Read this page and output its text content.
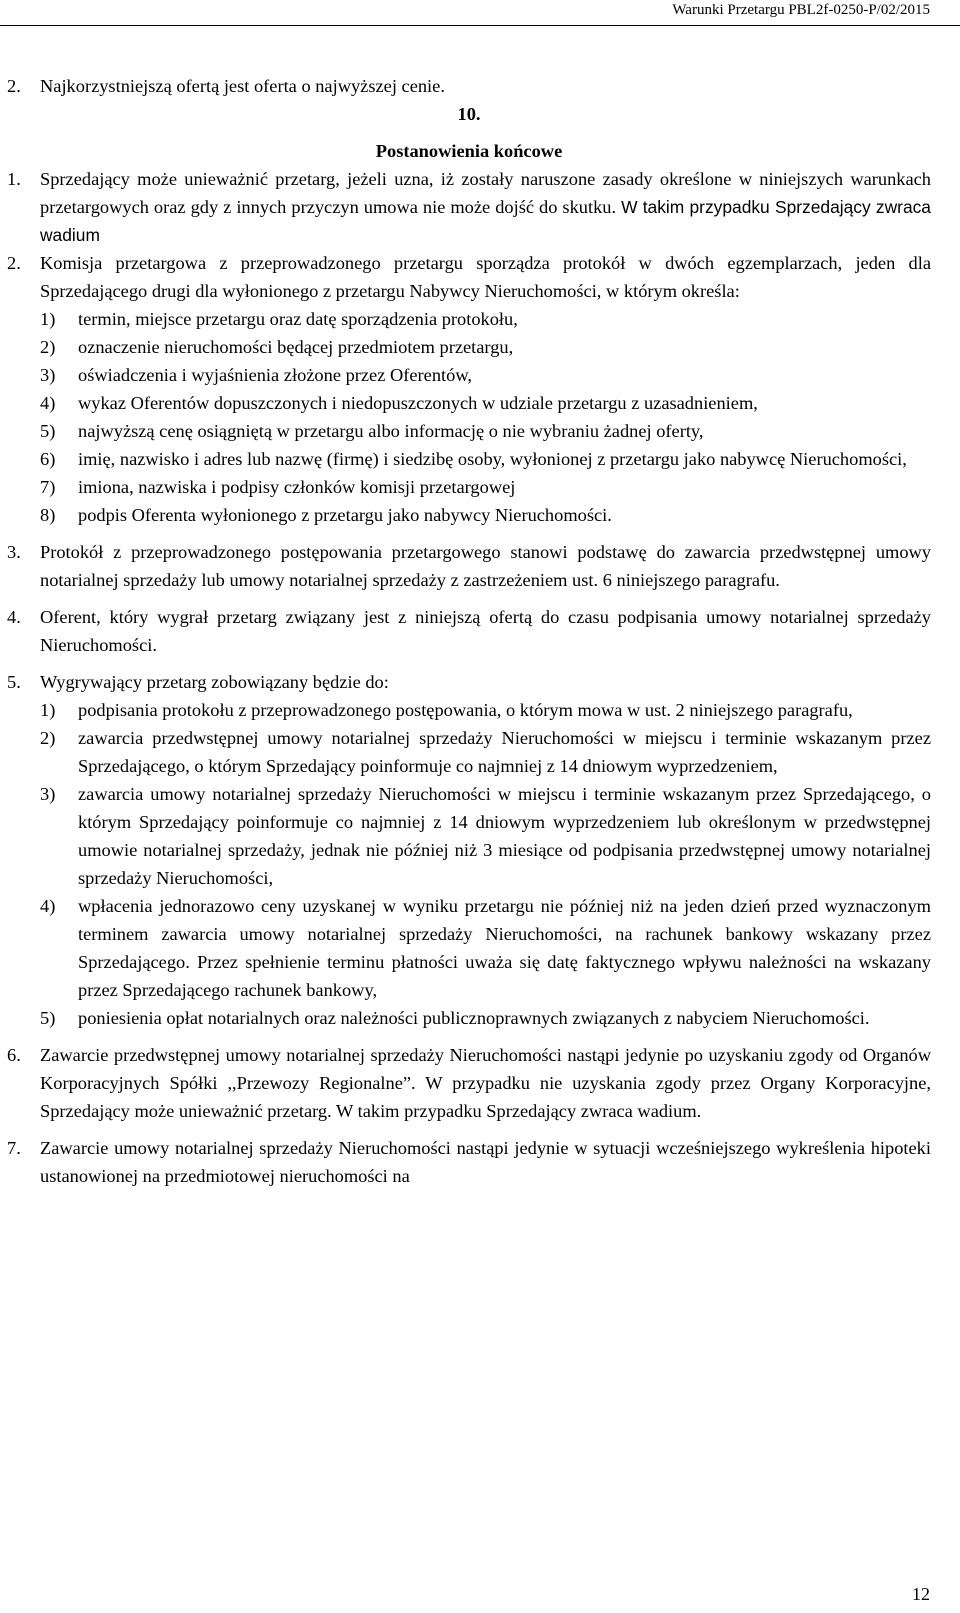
Warunki Przetargu PBL2f-0250-P/02/2015
2. Najkorzystniejszą ofertą jest oferta o najwyższej cenie.
10.
Postanowienia końcowe
1. Sprzedający może unieważnić przetarg, jeżeli uzna, iż zostały naruszone zasady określone w niniejszych warunkach przetargowych oraz gdy z innych przyczyn umowa nie może dojść do skutku. W takim przypadku Sprzedający zwraca wadium
2. Komisja przetargowa z przeprowadzonego przetargu sporządza protokół w dwóch egzemplarzach, jeden dla Sprzedającego drugi dla wyłonionego z przetargu Nabywcy Nieruchomości, w którym określa:
1) termin, miejsce przetargu oraz datę sporządzenia protokołu,
2) oznaczenie nieruchomości będącej przedmiotem przetargu,
3) oświadczenia i wyjaśnienia złożone przez Oferentów,
4) wykaz Oferentów dopuszczonych i niedopuszczonych w udziale przetargu z uzasadnieniem,
5) najwyższą cenę osiągniętą w przetargu albo informację o nie wybraniu żadnej oferty,
6) imię, nazwisko i adres lub nazwę (firmę) i siedzibę osoby, wyłonionej z przetargu jako nabywcę Nieruchomości,
7) imiona, nazwiska i podpisy członków komisji przetargowej
8) podpis Oferenta wyłonionego z przetargu jako nabywcy Nieruchomości.
3. Protokół z przeprowadzonego postępowania przetargowego stanowi podstawę do zawarcia przedwstępnej umowy notarialnej sprzedaży lub umowy notarialnej sprzedaży z zastrzeżeniem ust. 6 niniejszego paragrafu.
4. Oferent, który wygrał przetarg związany jest z niniejszą ofertą do czasu podpisania umowy notarialnej sprzedaży Nieruchomości.
5. Wygrywający przetarg zobowiązany będzie do:
1) podpisania protokołu z przeprowadzonego postępowania, o którym mowa w ust. 2 niniejszego paragrafu,
2) zawarcia przedwstępnej umowy notarialnej sprzedaży Nieruchomości w miejscu i terminie wskazanym przez Sprzedającego, o którym Sprzedający poinformuje co najmniej z 14 dniowym wyprzedzeniem,
3) zawarcia umowy notarialnej sprzedaży Nieruchomości w miejscu i terminie wskazanym przez Sprzedającego, o którym Sprzedający poinformuje co najmniej z 14 dniowym wyprzedzeniem lub określonym w przedwstępnej umowie notarialnej sprzedaży, jednak nie później niż 3 miesiące od podpisania przedwstępnej umowy notarialnej sprzedaży Nieruchomości,
4) wpłacenia jednorazowo ceny uzyskanej w wyniku przetargu nie później niż na jeden dzień przed wyznaczonym terminem zawarcia umowy notarialnej sprzedaży Nieruchomości, na rachunek bankowy wskazany przez Sprzedającego. Przez spełnienie terminu płatności uważa się datę faktycznego wpływu należności na wskazany przez Sprzedającego rachunek bankowy,
5) poniesienia opłat notarialnych oraz należności publicznoprawnych związanych z nabyciem Nieruchomości.
6. Zawarcie przedwstępnej umowy notarialnej sprzedaży Nieruchomości nastąpi jedynie po uzyskaniu zgody od Organów Korporacyjnych Spółki ,,Przewozy Regionalne”. W przypadku nie uzyskania zgody przez Organy Korporacyjne, Sprzedający może unieważnić przetarg. W takim przypadku Sprzedający zwraca wadium.
7. Zawarcie umowy notarialnej sprzedaży Nieruchomości nastąpi jedynie w sytuacji wcześniejszego wykreślenia hipoteki ustanowionej na przedmiotowej nieruchomości na
12
